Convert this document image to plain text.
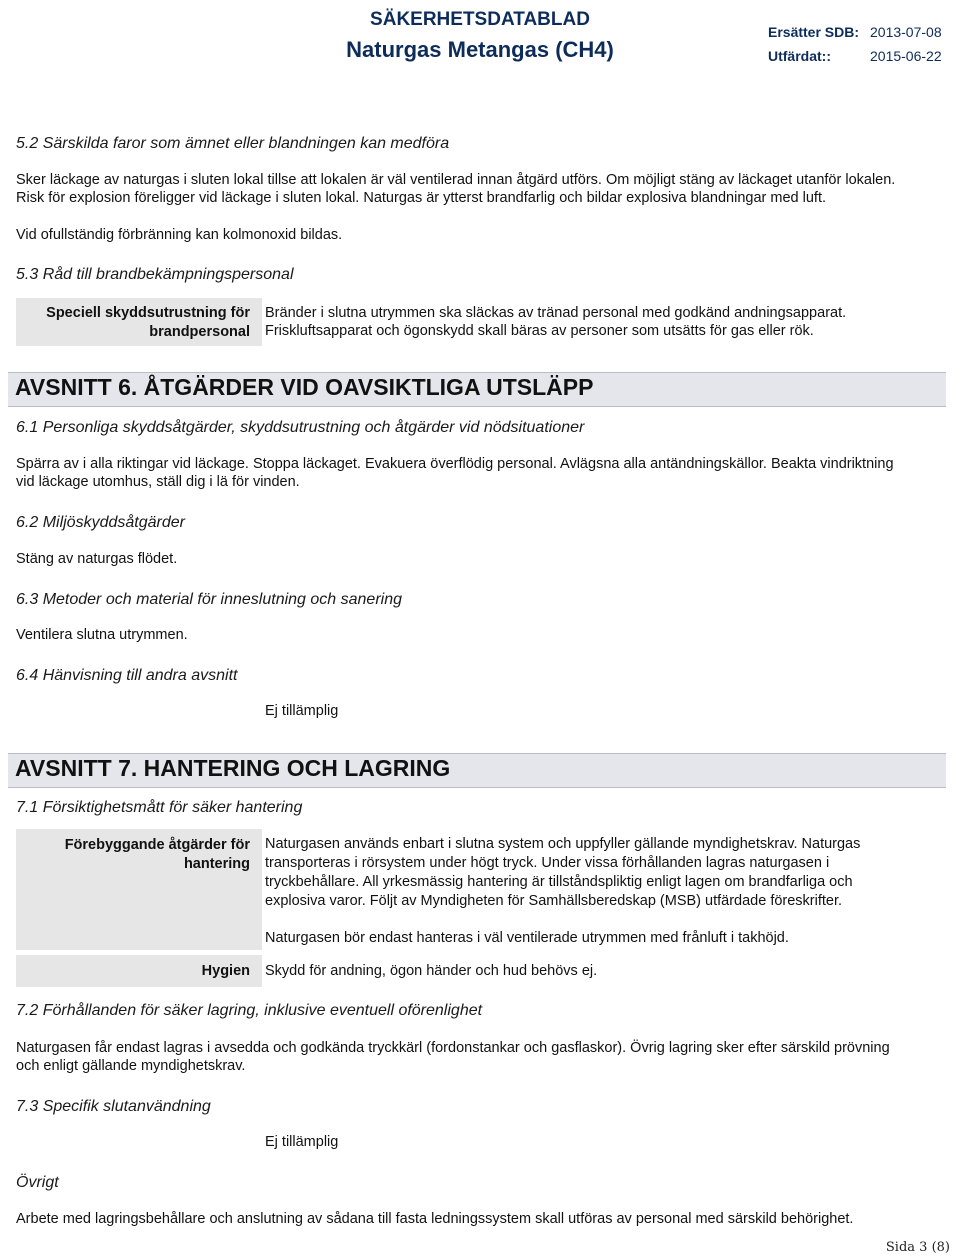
SÄKERHETSDATABLAD
Naturgas Metangas (CH4)
Ersätter SDB: 2013-07-08
Utfärdat::	2015-06-22
5.2 Särskilda faror som ämnet eller blandningen kan medföra
Sker läckage av naturgas i sluten lokal tillse att lokalen är väl ventilerad innan åtgärd utförs. Om möjligt stäng av läckaget utanför lokalen.
Risk för explosion föreligger vid läckage i sluten lokal. Naturgas är ytterst brandfarlig och bildar explosiva blandningar med luft.
Vid ofullständig förbränning kan kolmonoxid bildas.
5.3 Råd till brandbekämpningspersonal
Speciell skyddsutrustning för
brandpersonal
Bränder i slutna utrymmen ska släckas av tränad personal med godkänd andningsapparat.
Friskluftsapparat och ögonskydd skall bäras av personer som utsätts för gas eller rök.
AVSNITT 6. ÅTGÄRDER VID OAVSIKTLIGA UTSLÄPP
6.1 Personliga skyddsåtgärder, skyddsutrustning och åtgärder vid nödsituationer
Spärra av i alla riktingar vid läckage. Stoppa läckaget. Evakuera överflödig personal. Avlägsna alla antändningskällor. Beakta vindriktning
vid läckage utomhus, ställ dig i lä för vinden.
6.2 Miljöskyddsåtgärder
Stäng av naturgas flödet.
6.3 Metoder och material för inneslutning och sanering
Ventilera slutna utrymmen.
6.4 Hänvisning till andra avsnitt
Ej tillämplig
AVSNITT 7. HANTERING OCH LAGRING
7.1 Försiktighetsmått för säker hantering
Förebyggande åtgärder för
hantering
Naturgasen används enbart i slutna system och uppfyller gällande myndighetskrav. Naturgas
transporteras i rörsystem under högt tryck. Under vissa förhållanden lagras naturgasen i
tryckbehållare. All yrkesmässig hantering är tillståndspliktig enligt lagen om brandfarliga och
explosiva varor. Följt av Myndigheten för Samhällsberedskap (MSB) utfärdade föreskrifter.
Naturgasen bör endast hanteras i väl ventilerade utrymmen med frånluft i takhöjd.
Hygien Skydd för andning, ögon händer och hud behövs ej.
7.2 Förhållanden för säker lagring, inklusive eventuell oförenlighet
Naturgasen får endast lagras i avsedda och godkända tryckkärl (fordonstankar och gasflaskor). Övrig lagring sker efter särskild prövning
och enligt gällande myndighetskrav.
7.3 Specifik slutanvändning
Ej tillämplig
Övrigt
Arbete med lagringsbehållare och anslutning av sådana till fasta ledningssystem skall utföras av personal med särskild behörighet.
Sida 3 (8)
